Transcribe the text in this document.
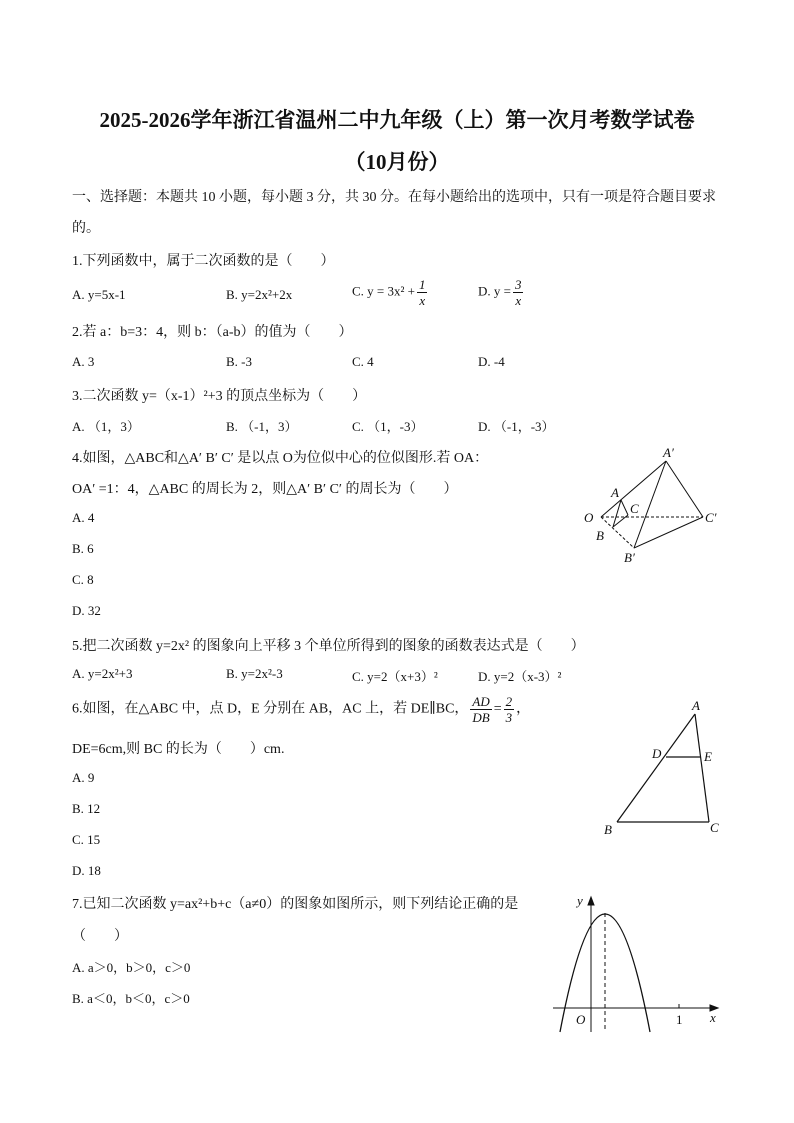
2025-2026学年浙江省温州二中九年级（上）第一次月考数学试卷
（10月份）
一、选择题：本题共 10 小题，每小题 3 分，共 30 分。在每小题给出的选项中，只有一项是符合题目要求
的。
1.下列函数中，属于二次函数的是（　　）
A. y=5x-1	B. y=2x²+2x	C. $y = 3x^2 + \frac{1}{x}$	D. $y = \frac{3}{x}$
2.若 a：b=3：4，则 b：（a-b）的值为（　　）
A. 3	B. -3	C. 4	D. -4
3.二次函数 y=（x-1）²+3 的顶点坐标为（　　）
A. （1，3）	B. （-1，3）	C. （1，-3）	D. （-1，-3）
4.如图，△ABC和△A′ B′ C′ 是以点 O为位似中心的位似图形.若 OA：
OA′ =1：4，△ABC 的周长为 2，则△A′ B′ C′ 的周长为（　　）
A. 4
B. 6
C. 8
D. 32
A′
A
C
O
B
C′
B′
5.把二次函数 y=2x² 的图象向上平移 3 个单位所得到的图象的函数表达式是（　　）
A. y=2x²+3	B. y=2x²-3	C. y=2（x+3）²	D. y=2（x-3）²
6.如图，在△ABC 中，点 D，E 分别在 AB，AC 上，若 DE∥BC， $\frac{AD}{DB} = \frac{2}{3}$ ，
DE=6cm,则 BC 的长为（　　）cm.
A. 9
B. 12
C. 15
D. 18
A
D	E
B	C
7.已知二次函数 y=ax²+b+c（a≠0）的图象如图所示，则下列结论正确的是
（　　）
A. a＞0，b＞0，c＞0
B. a＜0，b＜0，c＞0
y
x
O	1
